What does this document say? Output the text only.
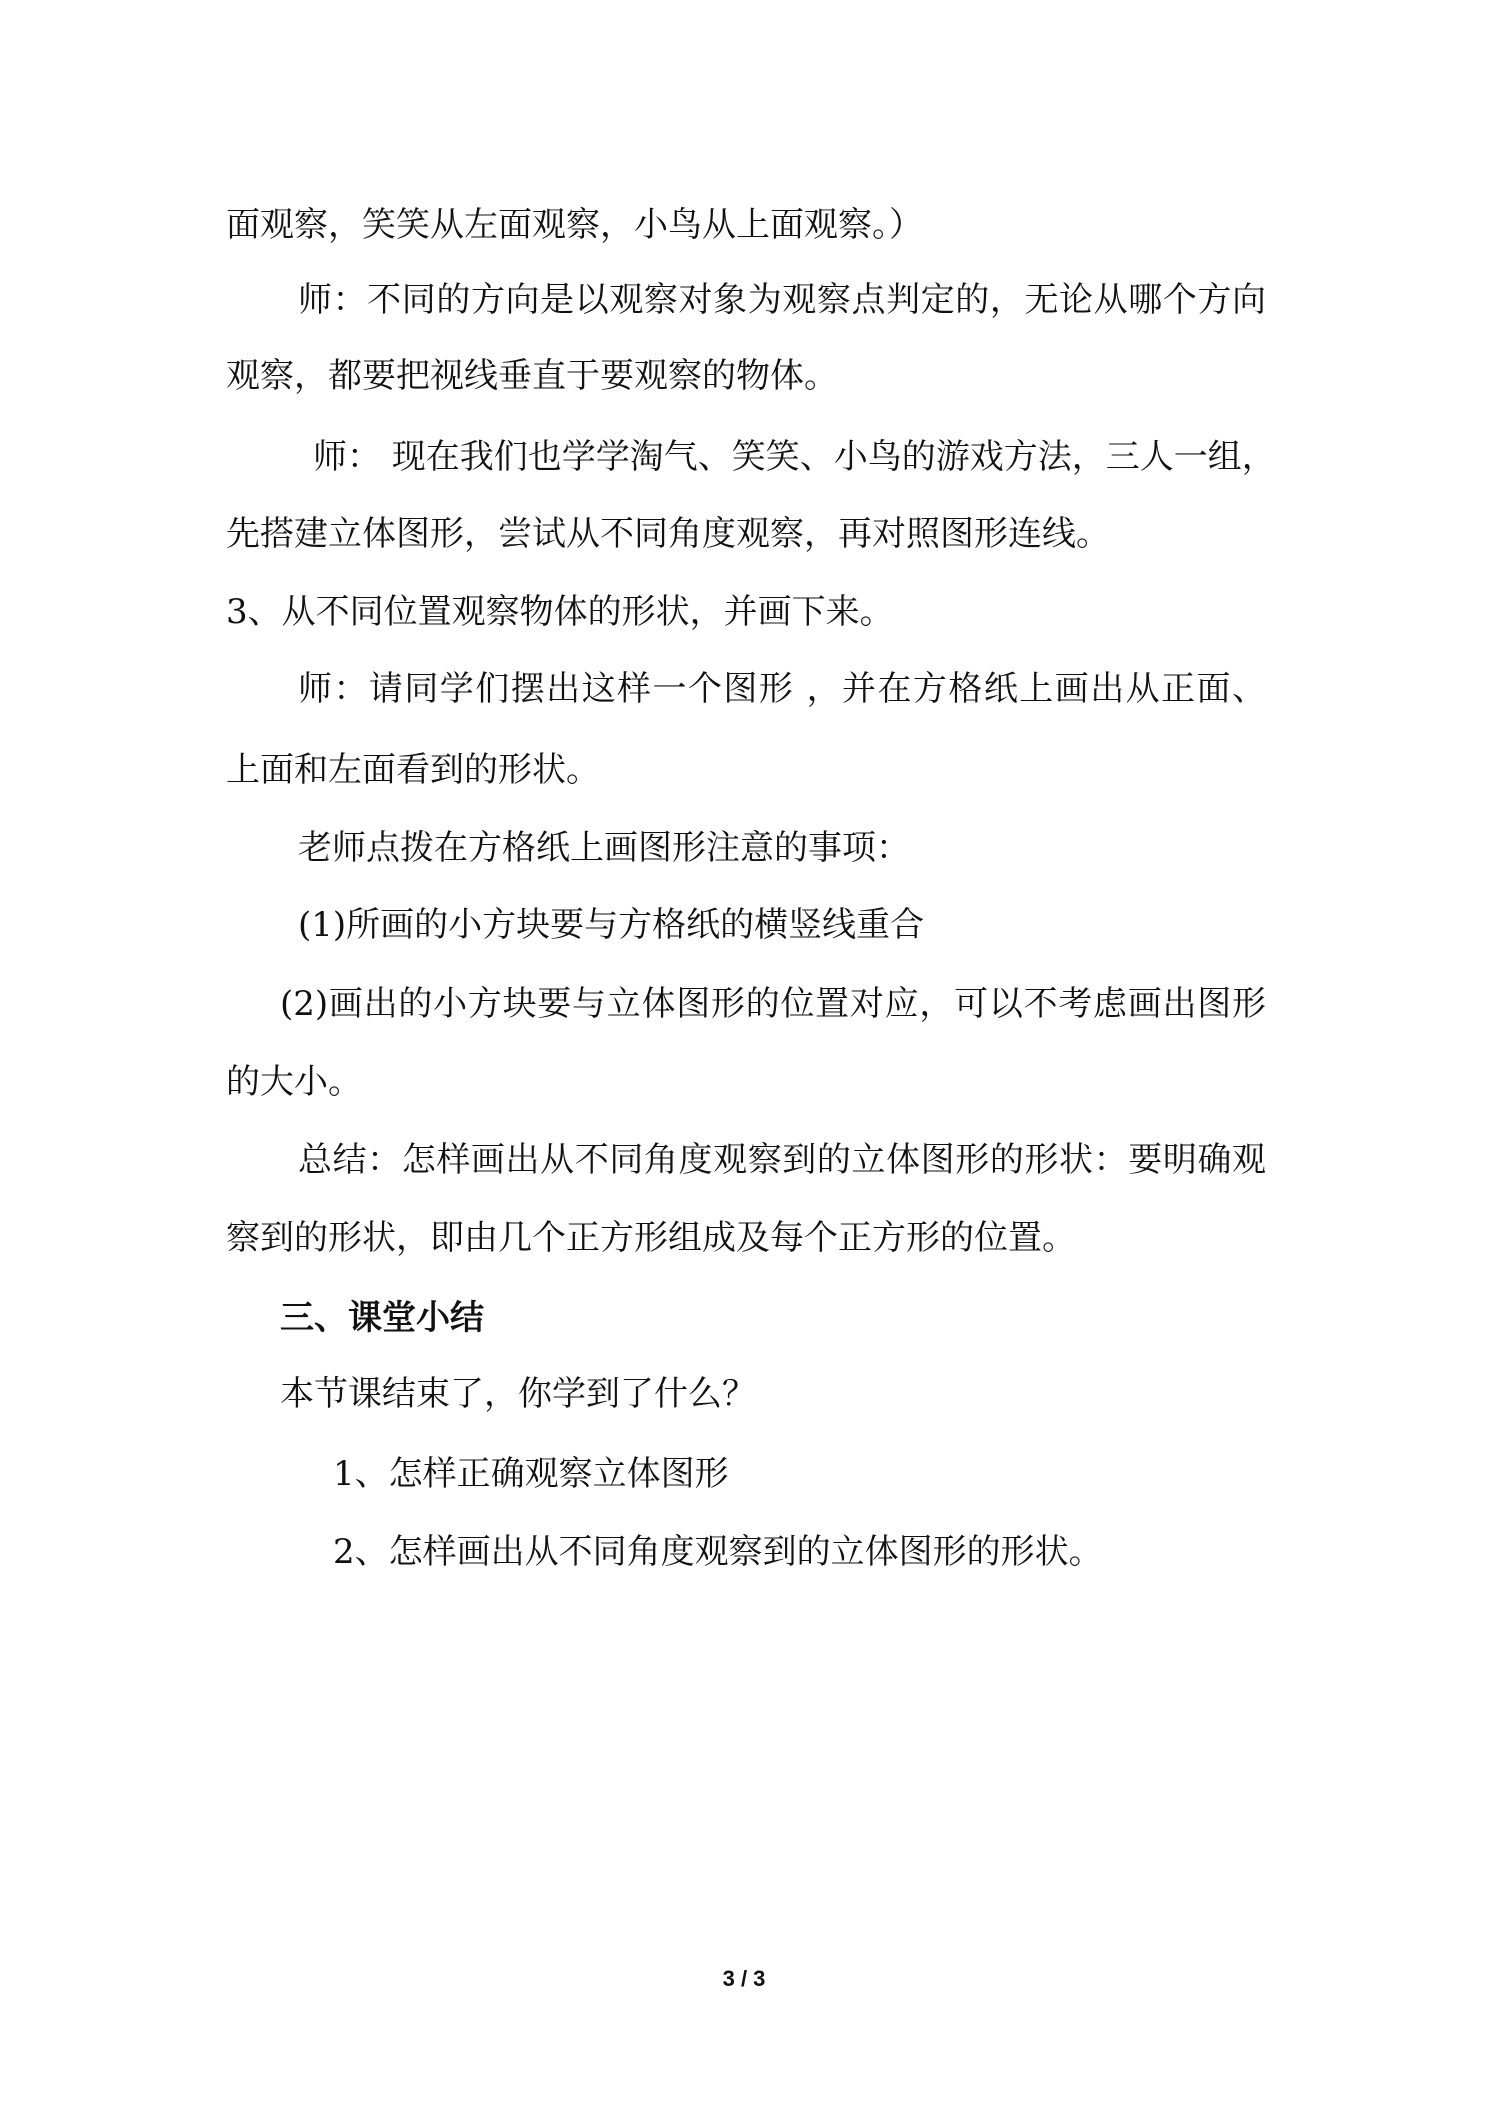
面观察，笑笑从左面观察，小鸟从上面观察。）
师：不同的方向是以观察对象为观察点判定的，无论从哪个方向
观察，都要把视线垂直于要观察的物体。
师： 现在我们也学学淘气、笑笑、小鸟的游戏方法，三人一组，
先搭建立体图形，尝试从不同角度观察，再对照图形连线。
3、从不同位置观察物体的形状，并画下来。
师：请同学们摆出这样一个图形 ，并在方格纸上画出从正面、
上面和左面看到的形状。
老师点拨在方格纸上画图形注意的事项：
(1)所画的小方块要与方格纸的横竖线重合
(2)画出的小方块要与立体图形的位置对应，可以不考虑画出图形
的大小。
总结：怎样画出从不同角度观察到的立体图形的形状：要明确观
察到的形状，即由几个正方形组成及每个正方形的位置。
三、课堂小结
本节课结束了，你学到了什么？
1、怎样正确观察立体图形
2、怎样画出从不同角度观察到的立体图形的形状。
3 / 3
